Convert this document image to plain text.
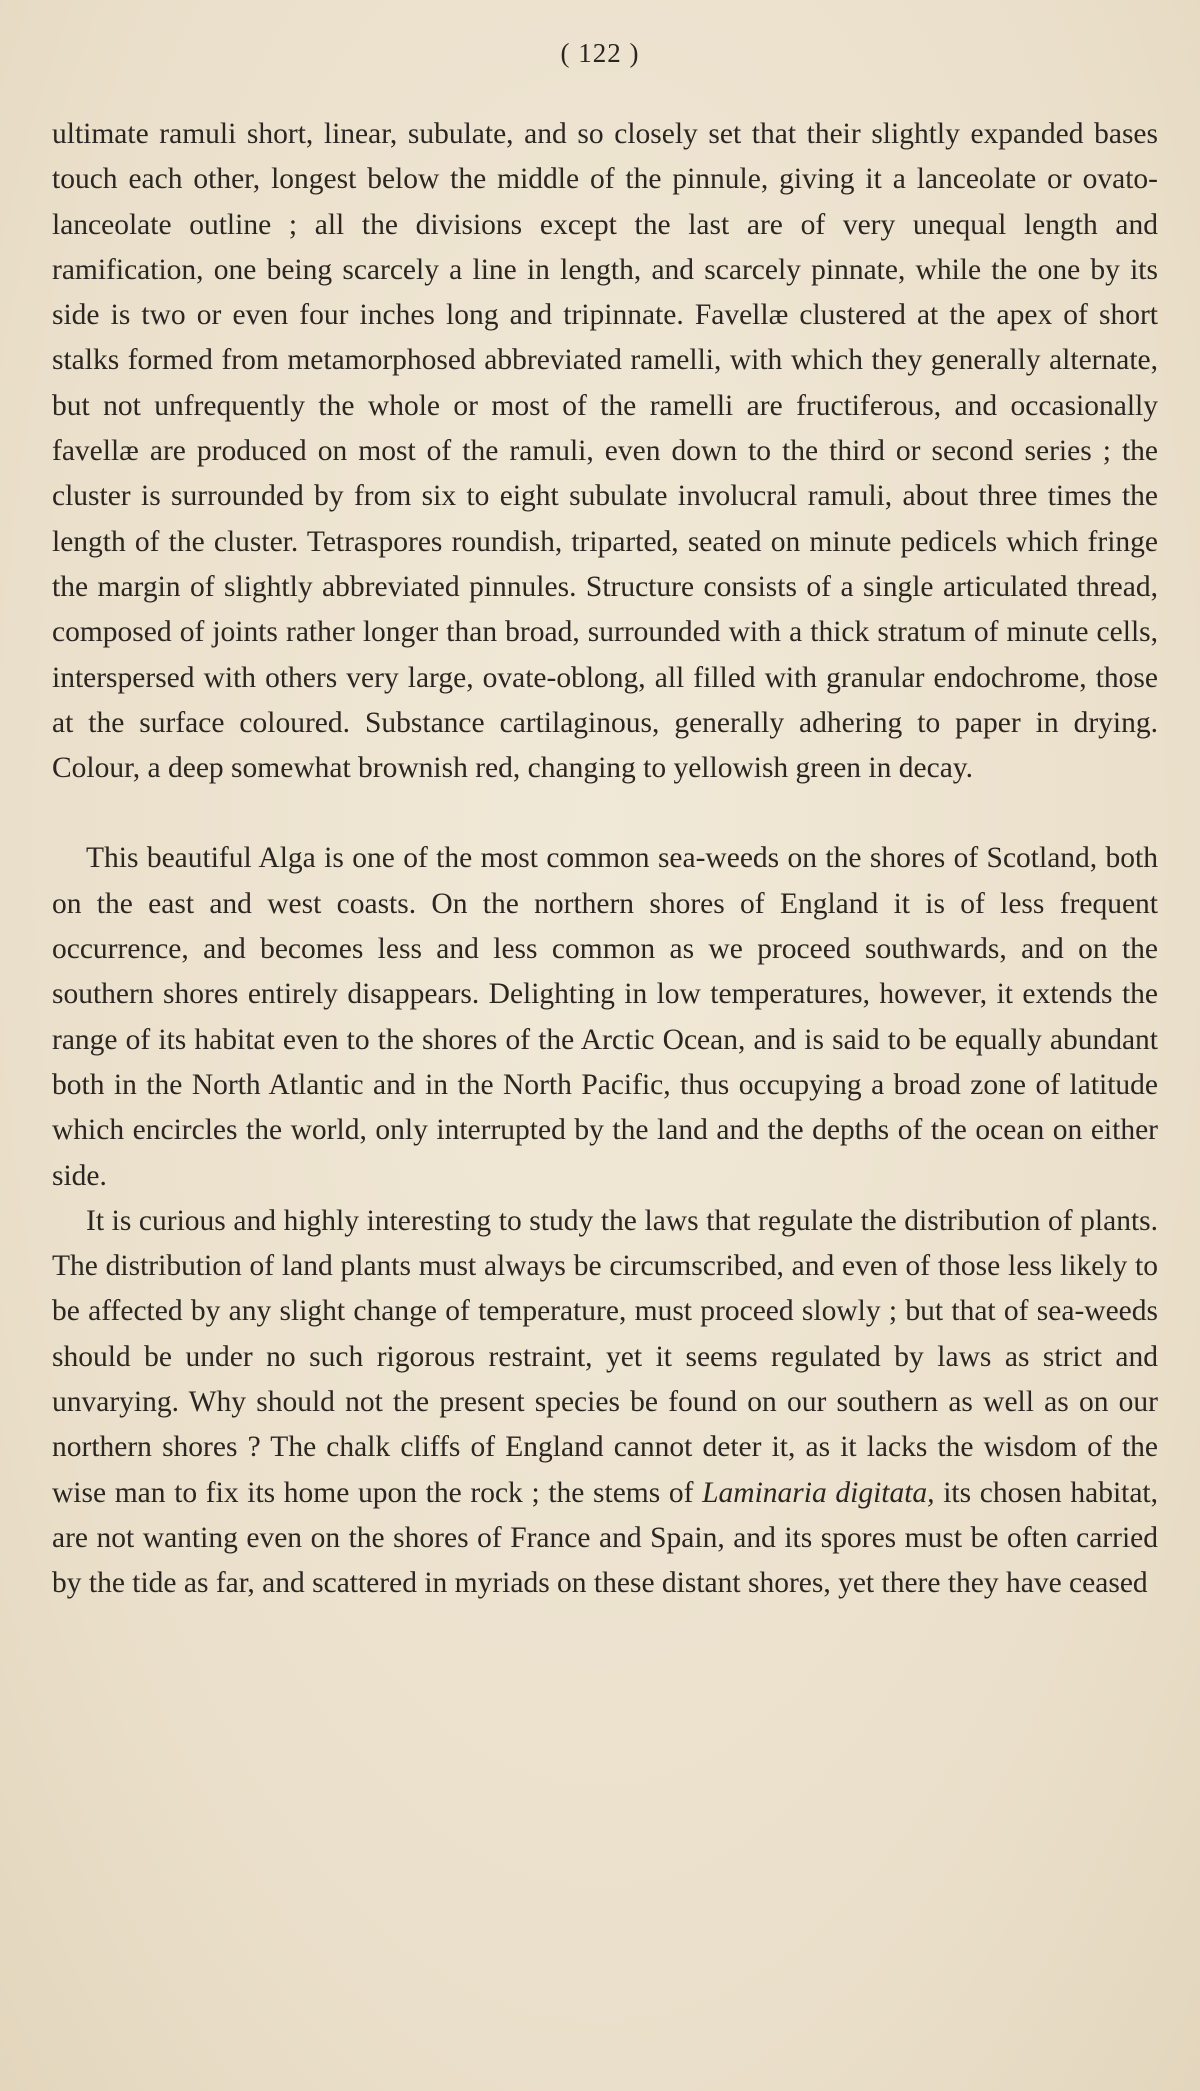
( 122 )

ultimate ramuli short, linear, subulate, and so closely set that their slightly expanded bases touch each other, longest below the middle of the pinnule, giving it a lanceolate or ovato-lanceolate outline ; all the divisions except the last are of very unequal length and ramification, one being scarcely a line in length, and scarcely pinnate, while the one by its side is two or even four inches long and tripinnate. Favellæ clustered at the apex of short stalks formed from metamorphosed abbreviated ramelli, with which they generally alternate, but not unfrequently the whole or most of the ramelli are fructiferous, and occasionally favellæ are produced on most of the ramuli, even down to the third or second series ; the cluster is surrounded by from six to eight subulate involucral ramuli, about three times the length of the cluster. Tetraspores roundish, triparted, seated on minute pedicels which fringe the margin of slightly abbreviated pinnules. Structure consists of a single articulated thread, composed of joints rather longer than broad, surrounded with a thick stratum of minute cells, interspersed with others very large, ovate-oblong, all filled with granular endochrome, those at the surface coloured. Substance cartilaginous, generally adhering to paper in drying. Colour, a deep somewhat brownish red, changing to yellowish green in decay.

This beautiful Alga is one of the most common sea-weeds on the shores of Scotland, both on the east and west coasts. On the northern shores of England it is of less frequent occurrence, and becomes less and less common as we proceed southwards, and on the southern shores entirely disappears. Delighting in low temperatures, however, it extends the range of its habitat even to the shores of the Arctic Ocean, and is said to be equally abundant both in the North Atlantic and in the North Pacific, thus occupying a broad zone of latitude which encircles the world, only interrupted by the land and the depths of the ocean on either side.

It is curious and highly interesting to study the laws that regulate the distribution of plants. The distribution of land plants must always be circumscribed, and even of those less likely to be affected by any slight change of temperature, must proceed slowly ; but that of sea-weeds should be under no such rigorous restraint, yet it seems regulated by laws as strict and unvarying. Why should not the present species be found on our southern as well as on our northern shores ? The chalk cliffs of England cannot deter it, as it lacks the wisdom of the wise man to fix its home upon the rock ; the stems of Laminaria digitata, its chosen habitat, are not wanting even on the shores of France and Spain, and its spores must be often carried by the tide as far, and scattered in myriads on these distant shores, yet there they have ceased
